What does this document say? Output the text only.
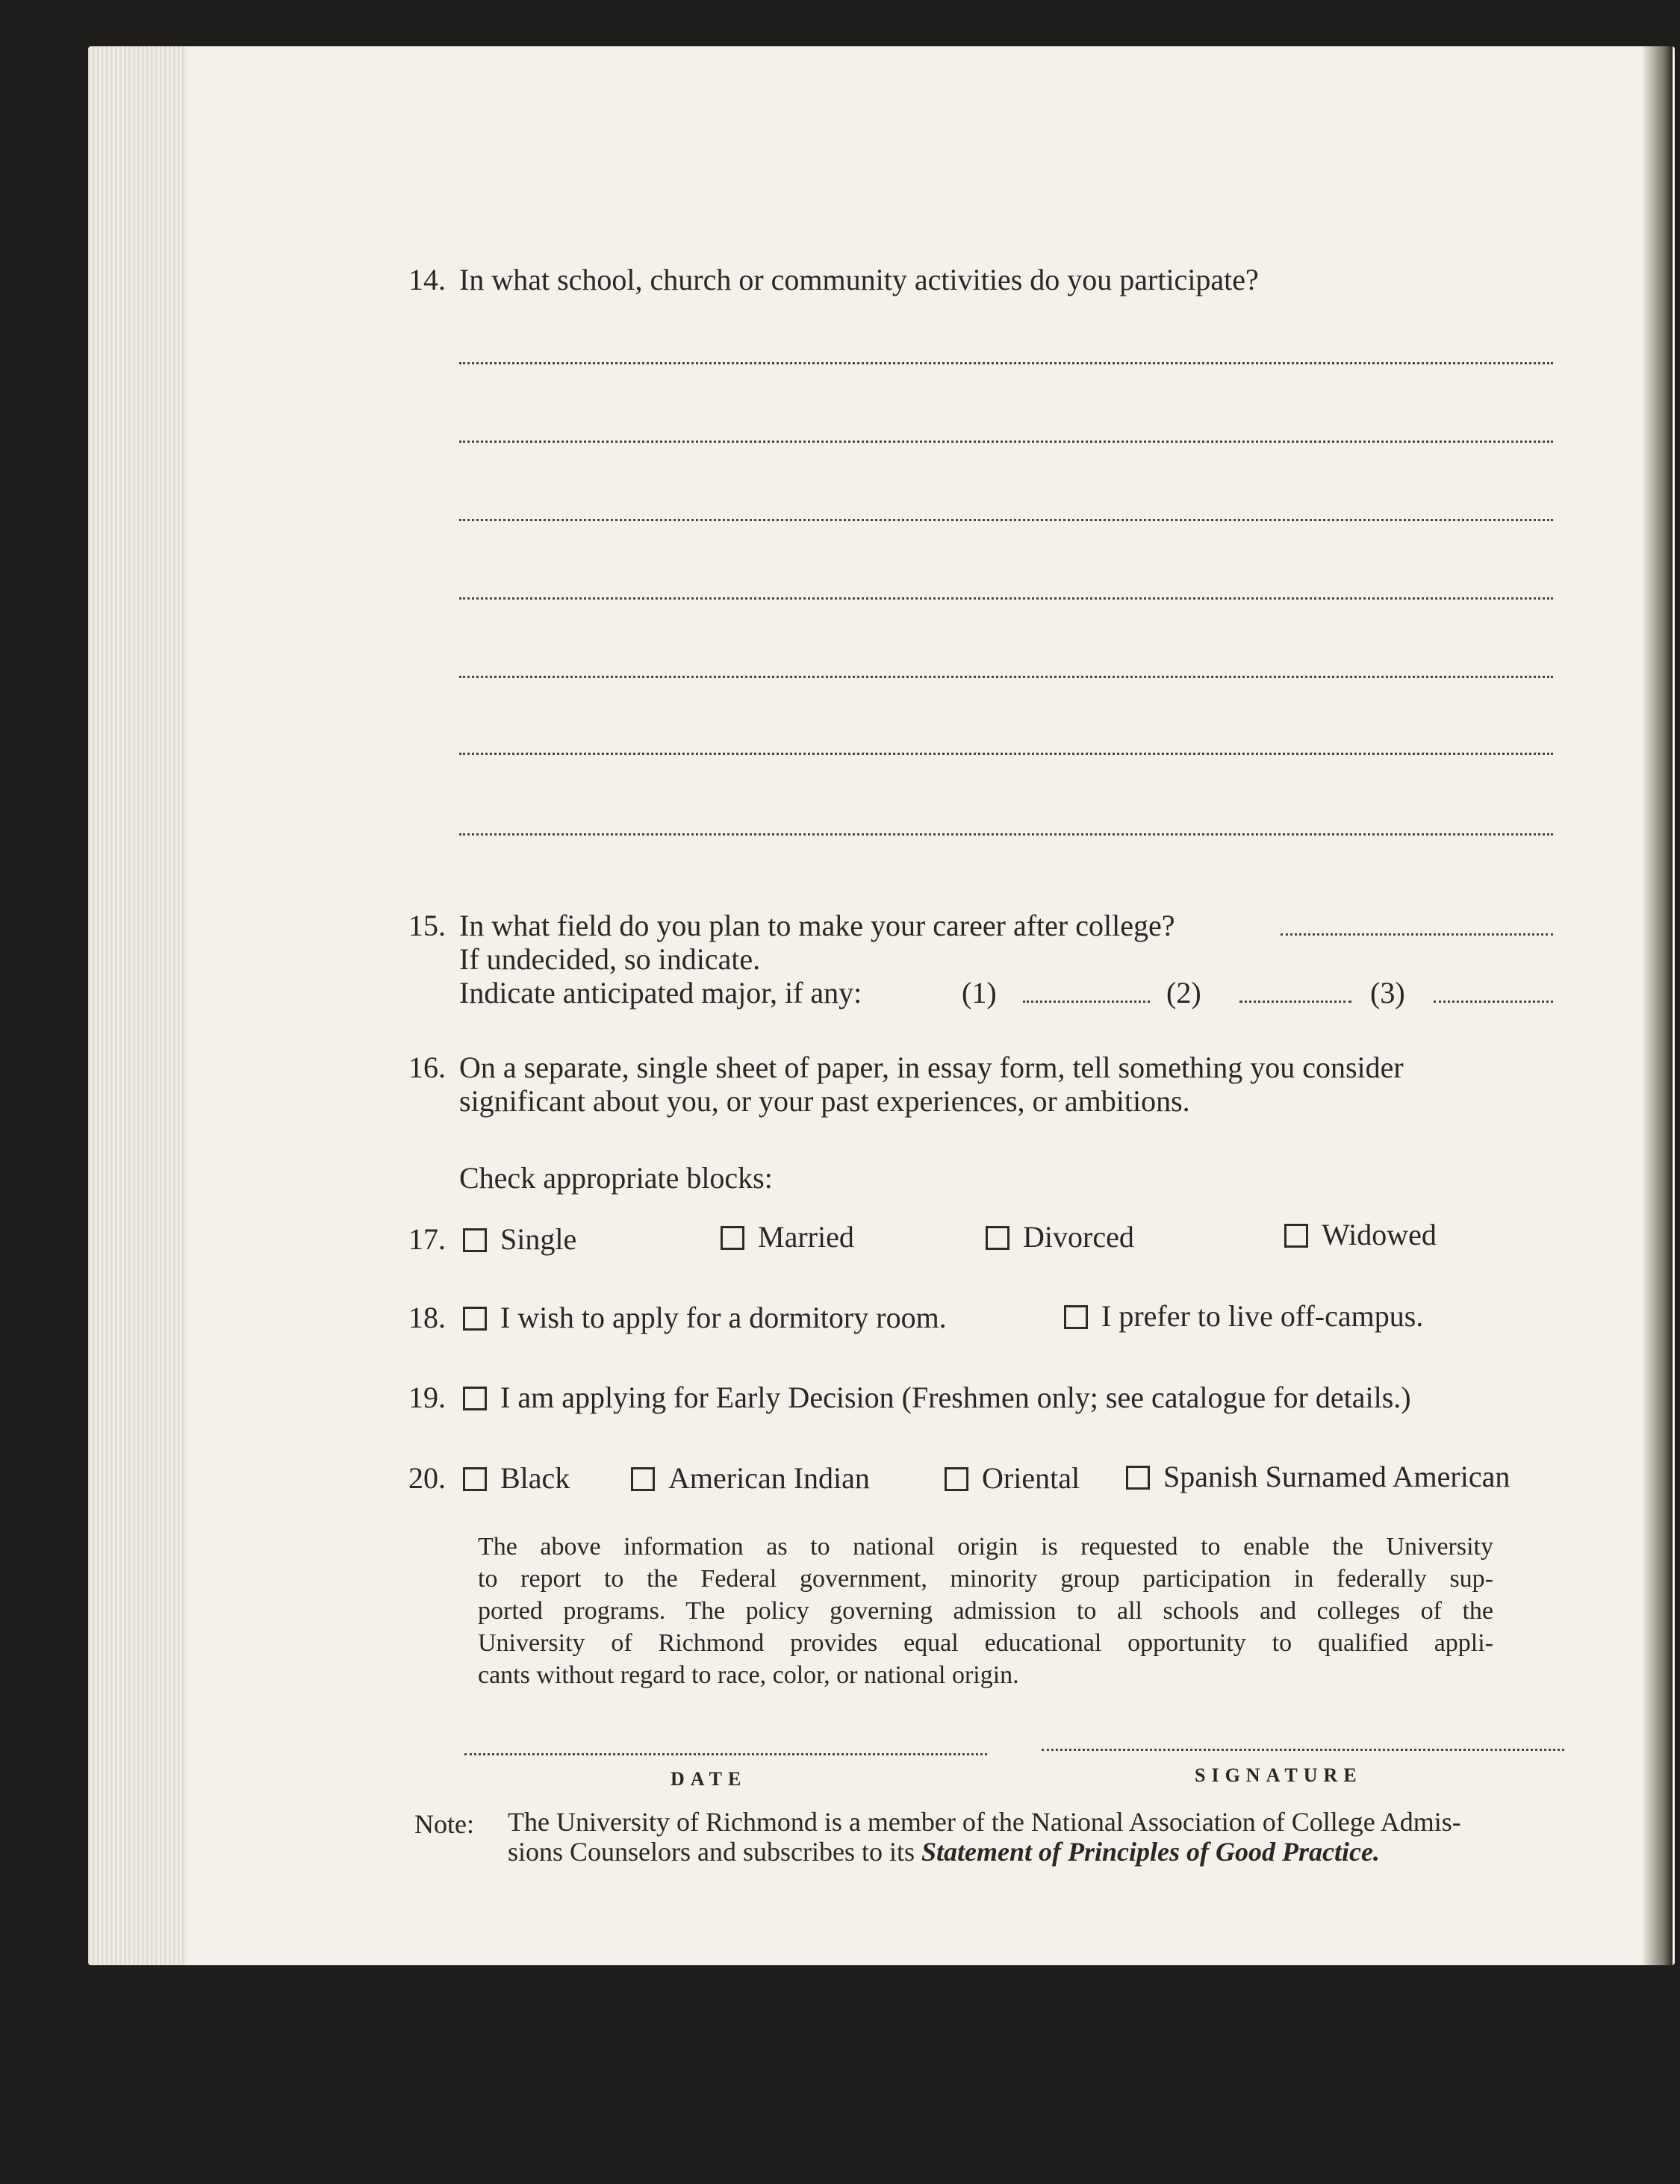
14. In what school, church or community activities do you participate?
15. In what field do you plan to make your career after college?
If undecided, so indicate.
Indicate anticipated major, if any:	(1)	(2)	(3)
16. On a separate, single sheet of paper, in essay form, tell something you consider
significant about you, or your past experiences, or ambitions.
Check appropriate blocks:
17.	Single	Married	Divorced	Widowed
18.	I wish to apply for a dormitory room.	I prefer to live off-campus.
19.	I am applying for Early Decision (Freshmen only; see catalogue for details.)
20.	Black	American Indian	Oriental	Spanish Surnamed American
The above information as to national origin is requested to enable the University
to report to the Federal government, minority group participation in federally sup-
ported programs. The policy governing admission to all schools and colleges of the
University of Richmond provides equal educational opportunity to qualified appli-
cants without regard to race, color, or national origin.
DATE	SIGNATURE
Note: The University of Richmond is a member of the National Association of College Admis-
sions Counselors and subscribes to its Statement of Principles of Good Practice.
